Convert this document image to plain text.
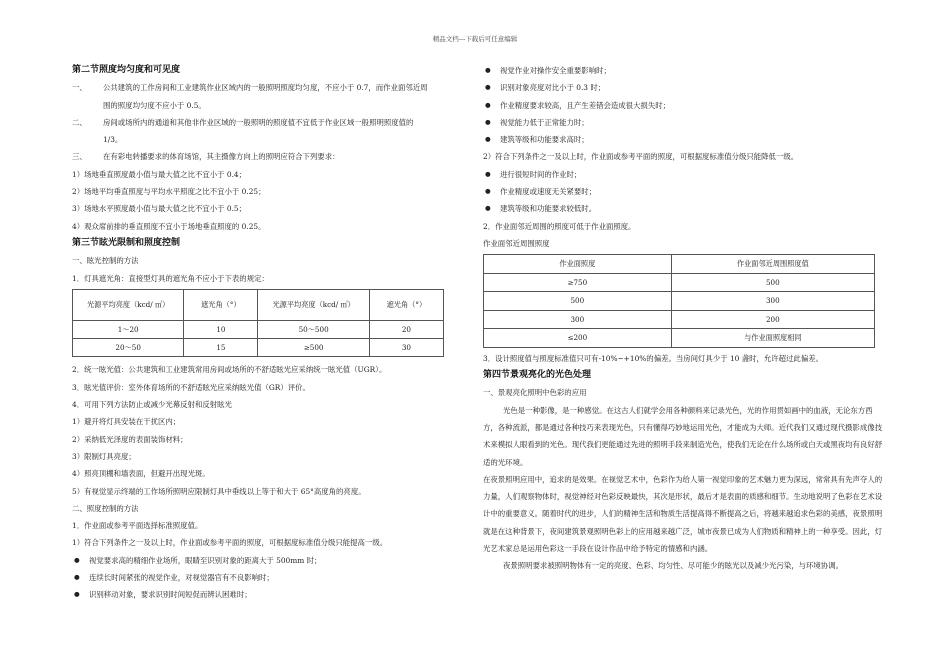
精品文档---下载后可任意编辑
第二节照度均匀度和可见度
一、 公共建筑的工作房间和工业建筑作业区域内的一般照明照度均匀度，不应小于 0.7，而作业面邻近周
围的照度均匀度不应小于 0.5。
二、 房间或场所内的通道和其他非作业区域的一般照明的照度值不宜低于作业区域一般照明照度值的
1/3。
三、 在有彩电转播要求的体育场馆，其主摄像方向上的照明应符合下列要求：
1）场地垂直照度最小值与最大值之比不宜小于 0.4；
2）场地平均垂直照度与平均水平照度之比不宜小于 0.25；
3）场地水平照度最小值与最大值之比不宜小于 0.5；
4）观众席前排的垂直照度不宜小于场地垂直照度的 0.25。
第三节眩光限制和照度控制
一、眩光控制的方法
1．灯具遮光角：直接型灯具的遮光角不应小于下表的规定：
光源平均亮度（kcd/ ㎡）	遮光角（°）	光源平均亮度（kcd/ ㎡）	遮光角（°）
1～20	10	50～500	20
20～50	15	≥500	30
2．统一眩光值：公共建筑和工业建筑常用房间或场所的不舒适眩光应采纳统一眩光值（UGR）。
3．眩光值评价：室外体育场所的不舒适眩光应采纳眩光值（GR）评价。
4．可用下列方法防止或减少光幕反射和反射眩光
1）避开将灯具安装在干扰区内；
2）采纳低光泽度的表面装饰材料；
3）限制灯具亮度；
4）照亮顶棚和墙表面，但避开出现光斑。
5）有视觉显示终端的工作场所照明应限制灯具中垂线以上等于和大于 65°高度角的亮度。
二、照度控制的方法
1．作业面或参考平面选择标准照度值。
1）符合下列条件之一及以上时，作业面或参考平面的照度，可根据度标准值分级只能提高一级。
● 视觉要求高的精细作业场所，眼睛至识别对象的距离大于 500mm 时；
● 连续长时间紧张的视觉作业，对视觉器官有不良影响时；
● 识别移动对象，要求识别时间短促而辨认困难时；
● 视觉作业对操作安全重要影响时；
● 识别对象亮度对比小于 0.3 时；
● 作业精度要求较高，且产生差错会造成很大损失时；
● 视觉能力低于正常能力时；
● 建筑等级和功能要求高时；
2）符合下列条件之一及以上时，作业面或参考平面的照度，可根据度标准值分级只能降低一级。
● 进行很短时间的作业时；
● 作业精度或速度无关紧要时；
● 建筑等级和功能要求较低时。
2．作业面邻近周围的照度可低于作业面照度。
作业面邻近周围照度
作业面照度	作业面邻近周围照度值
≥750	500
500	300
300	200
≤200	与作业面照度相同
3．设计照度值与照度标准值只可有-10%~+10%的偏差。当房间灯具少于 10 盏时，允许超过此偏差。
第四节景观亮化的光色处理
一、景观亮化照明中色彩的应用
光色是一种影像，是一种感觉。在这古人们就学会用各种颜料来记录光色，光的作用贯如画中的血液，无论东方西方，各种流派，都是通过各种技巧来表现光色，只有懂得巧妙地运用光色，才能成为大师。近代我们又通过现代摄影成像技术来模拟人眼看到的光色。现代我们更能通过先进的照明手段来制造光色，使我们无论在什么场所或白天或黑夜均有良好舒适的光环境。
在夜景照明应用中，追求的是效果。在视觉艺术中，色彩作为给人第一视觉印象的艺术魅力更为深远，常常具有先声夺人的力量，人们观察物体时，视觉神经对色彩反映最快，其次是形状，最后才是表面的质感和细节。生动地说明了色彩在艺术设计中的重要意义。随着时代的进步，人们的精神生活和物质生活提高得不断提高之后，将越来越追求色彩的美感，夜景照明就是在这种背景下，夜间建筑景观照明色彩上的应用越来越广泛，城市夜景已成为人们物质和精神上的一种享受。因此，灯光艺术家总是运用色彩这一手段在设计作品中给予特定的情感和内涵。
夜景照明要求被照明物体有一定的亮度、色彩、均匀性、尽可能少的眩光以及减少光污染，与环境协调。
